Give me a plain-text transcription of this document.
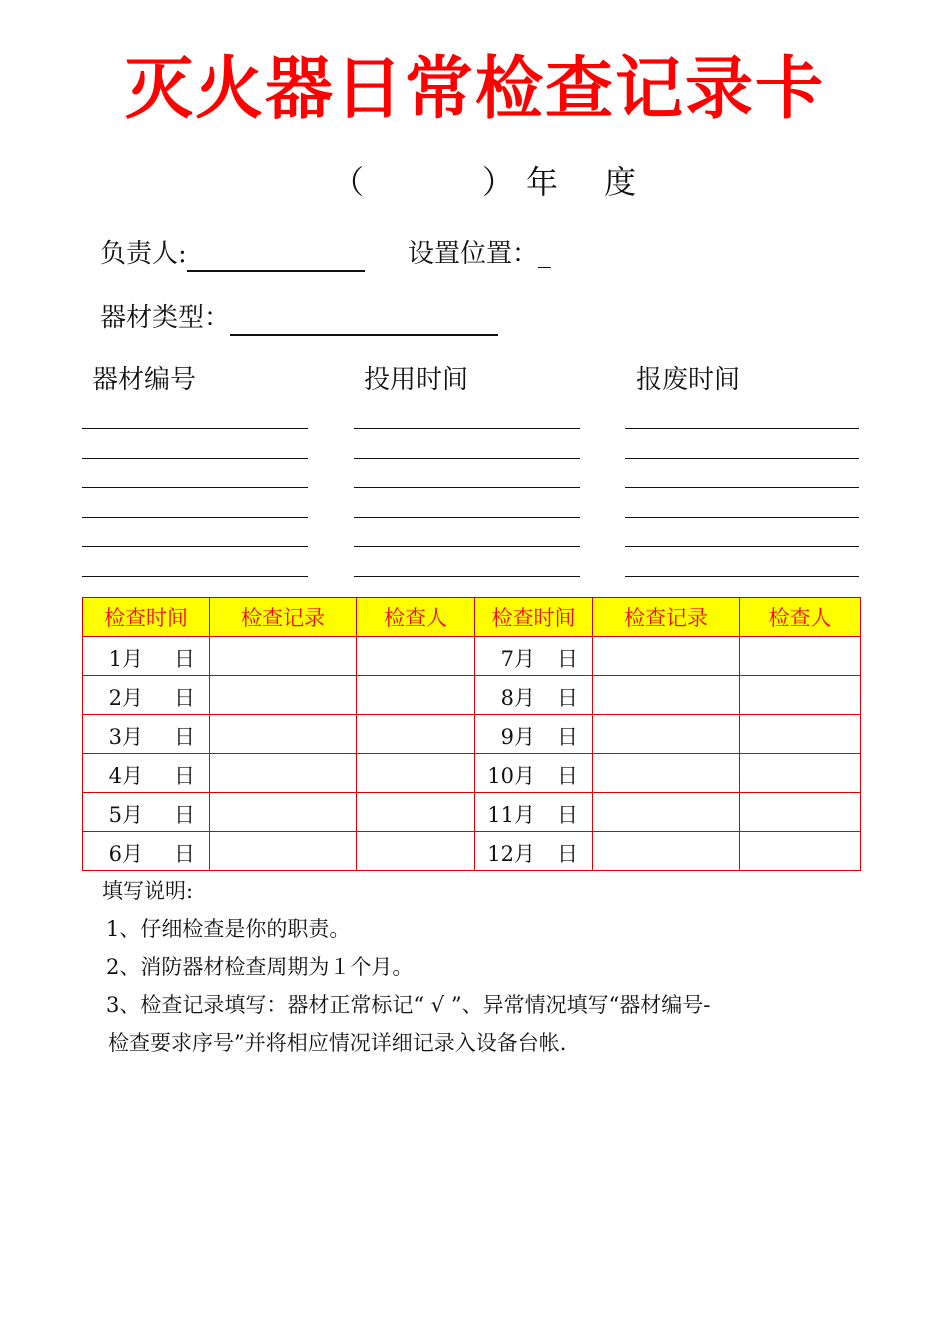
灭火器日常检查记录卡
（	） 年 度
负责人:	设置位置：_
器材类型：
器材编号	投用时间	报废时间
检查时间	检查记录	检查人	检查时间	检查记录	检查人

1月 日			7月 日		

2月 日			8月 日		

3月 日			9月 日		

4月 日			10月 日		

5月 日			11月 日		

6月 日			12月 日		

填写说明:

1、仔细检查是你的职责。

2、消防器材检查周期为１个月。

3、检查记录填写：器材正常标记“ √ ”、异常情况填写“器材编号-

检查要求序号”并将相应情况详细记录入设备台帐.
